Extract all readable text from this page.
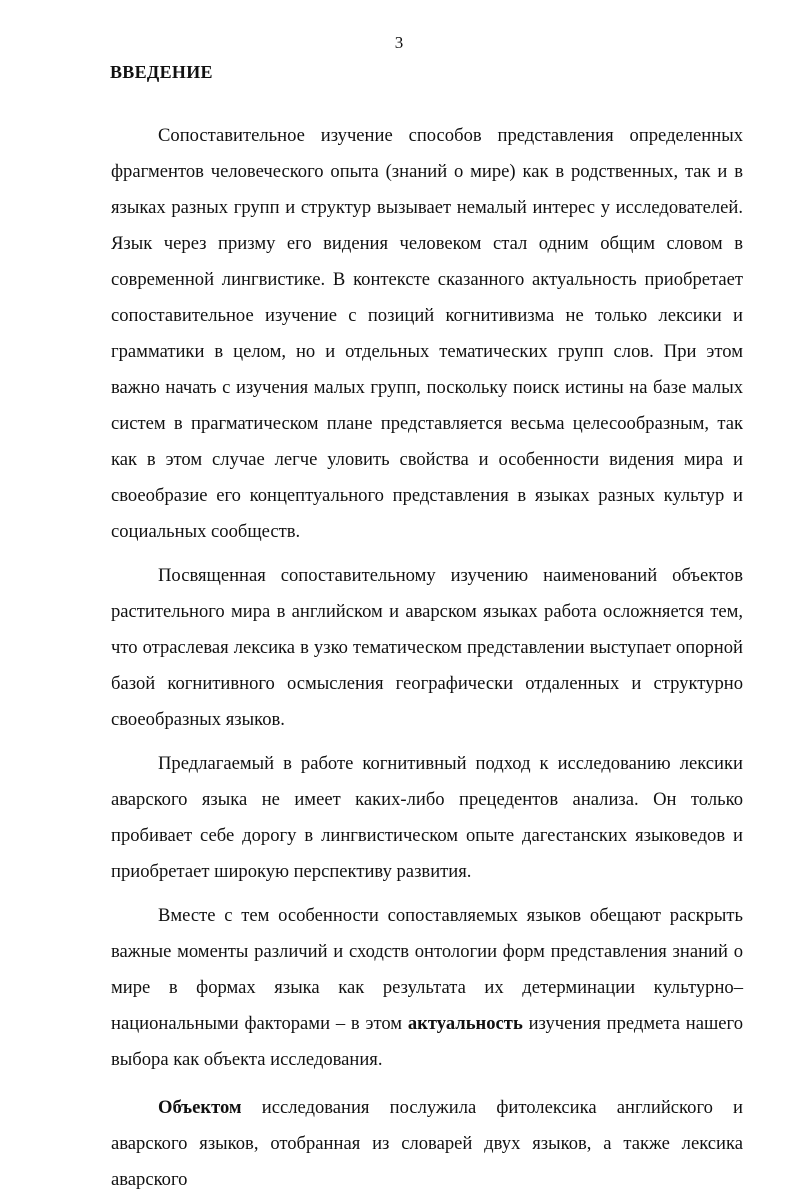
3
ВВЕДЕНИЕ

Сопоставительное изучение способов представления определенных фрагментов человеческого опыта (знаний о мире) как в родственных, так и в языках разных групп и структур вызывает немалый интерес у исследователей. Язык через призму его видения человеком стал одним общим словом в современной лингвистике. В контексте сказанного актуальность приобретает сопоставительное изучение с позиций когнитивизма не только лексики и грамматики в целом, но и отдельных тематических групп слов. При этом важно начать с изучения малых групп, поскольку поиск истины на базе малых систем в прагматическом плане представляется весьма целесообразным, так как в этом случае легче уловить свойства и особенности видения мира и своеобразие его концептуального представления в языках разных культур и социальных сообществ.

Посвященная сопоставительному изучению наименований объектов растительного мира в английском и аварском языках работа осложняется тем, что отраслевая лексика в узко тематическом представлении выступает опорной базой когнитивного осмысления географически отдаленных и структурно своеобразных языков.

Предлагаемый в работе когнитивный подход к исследованию лексики аварского языка не имеет каких-либо прецедентов анализа. Он только пробивает себе дорогу в лингвистическом опыте дагестанских языковедов и приобретает широкую перспективу развития.

Вместе с тем особенности сопоставляемых языков обещают раскрыть важные моменты различий и сходств онтологии форм представления знаний о мире в формах языка как результата их детерминации культурно–национальными факторами – в этом актуальность изучения предмета нашего выбора как объекта исследования.

Объектом исследования послужила фитолексика английского и аварского языков, отобранная из словарей двух языков, а также лексика аварского
